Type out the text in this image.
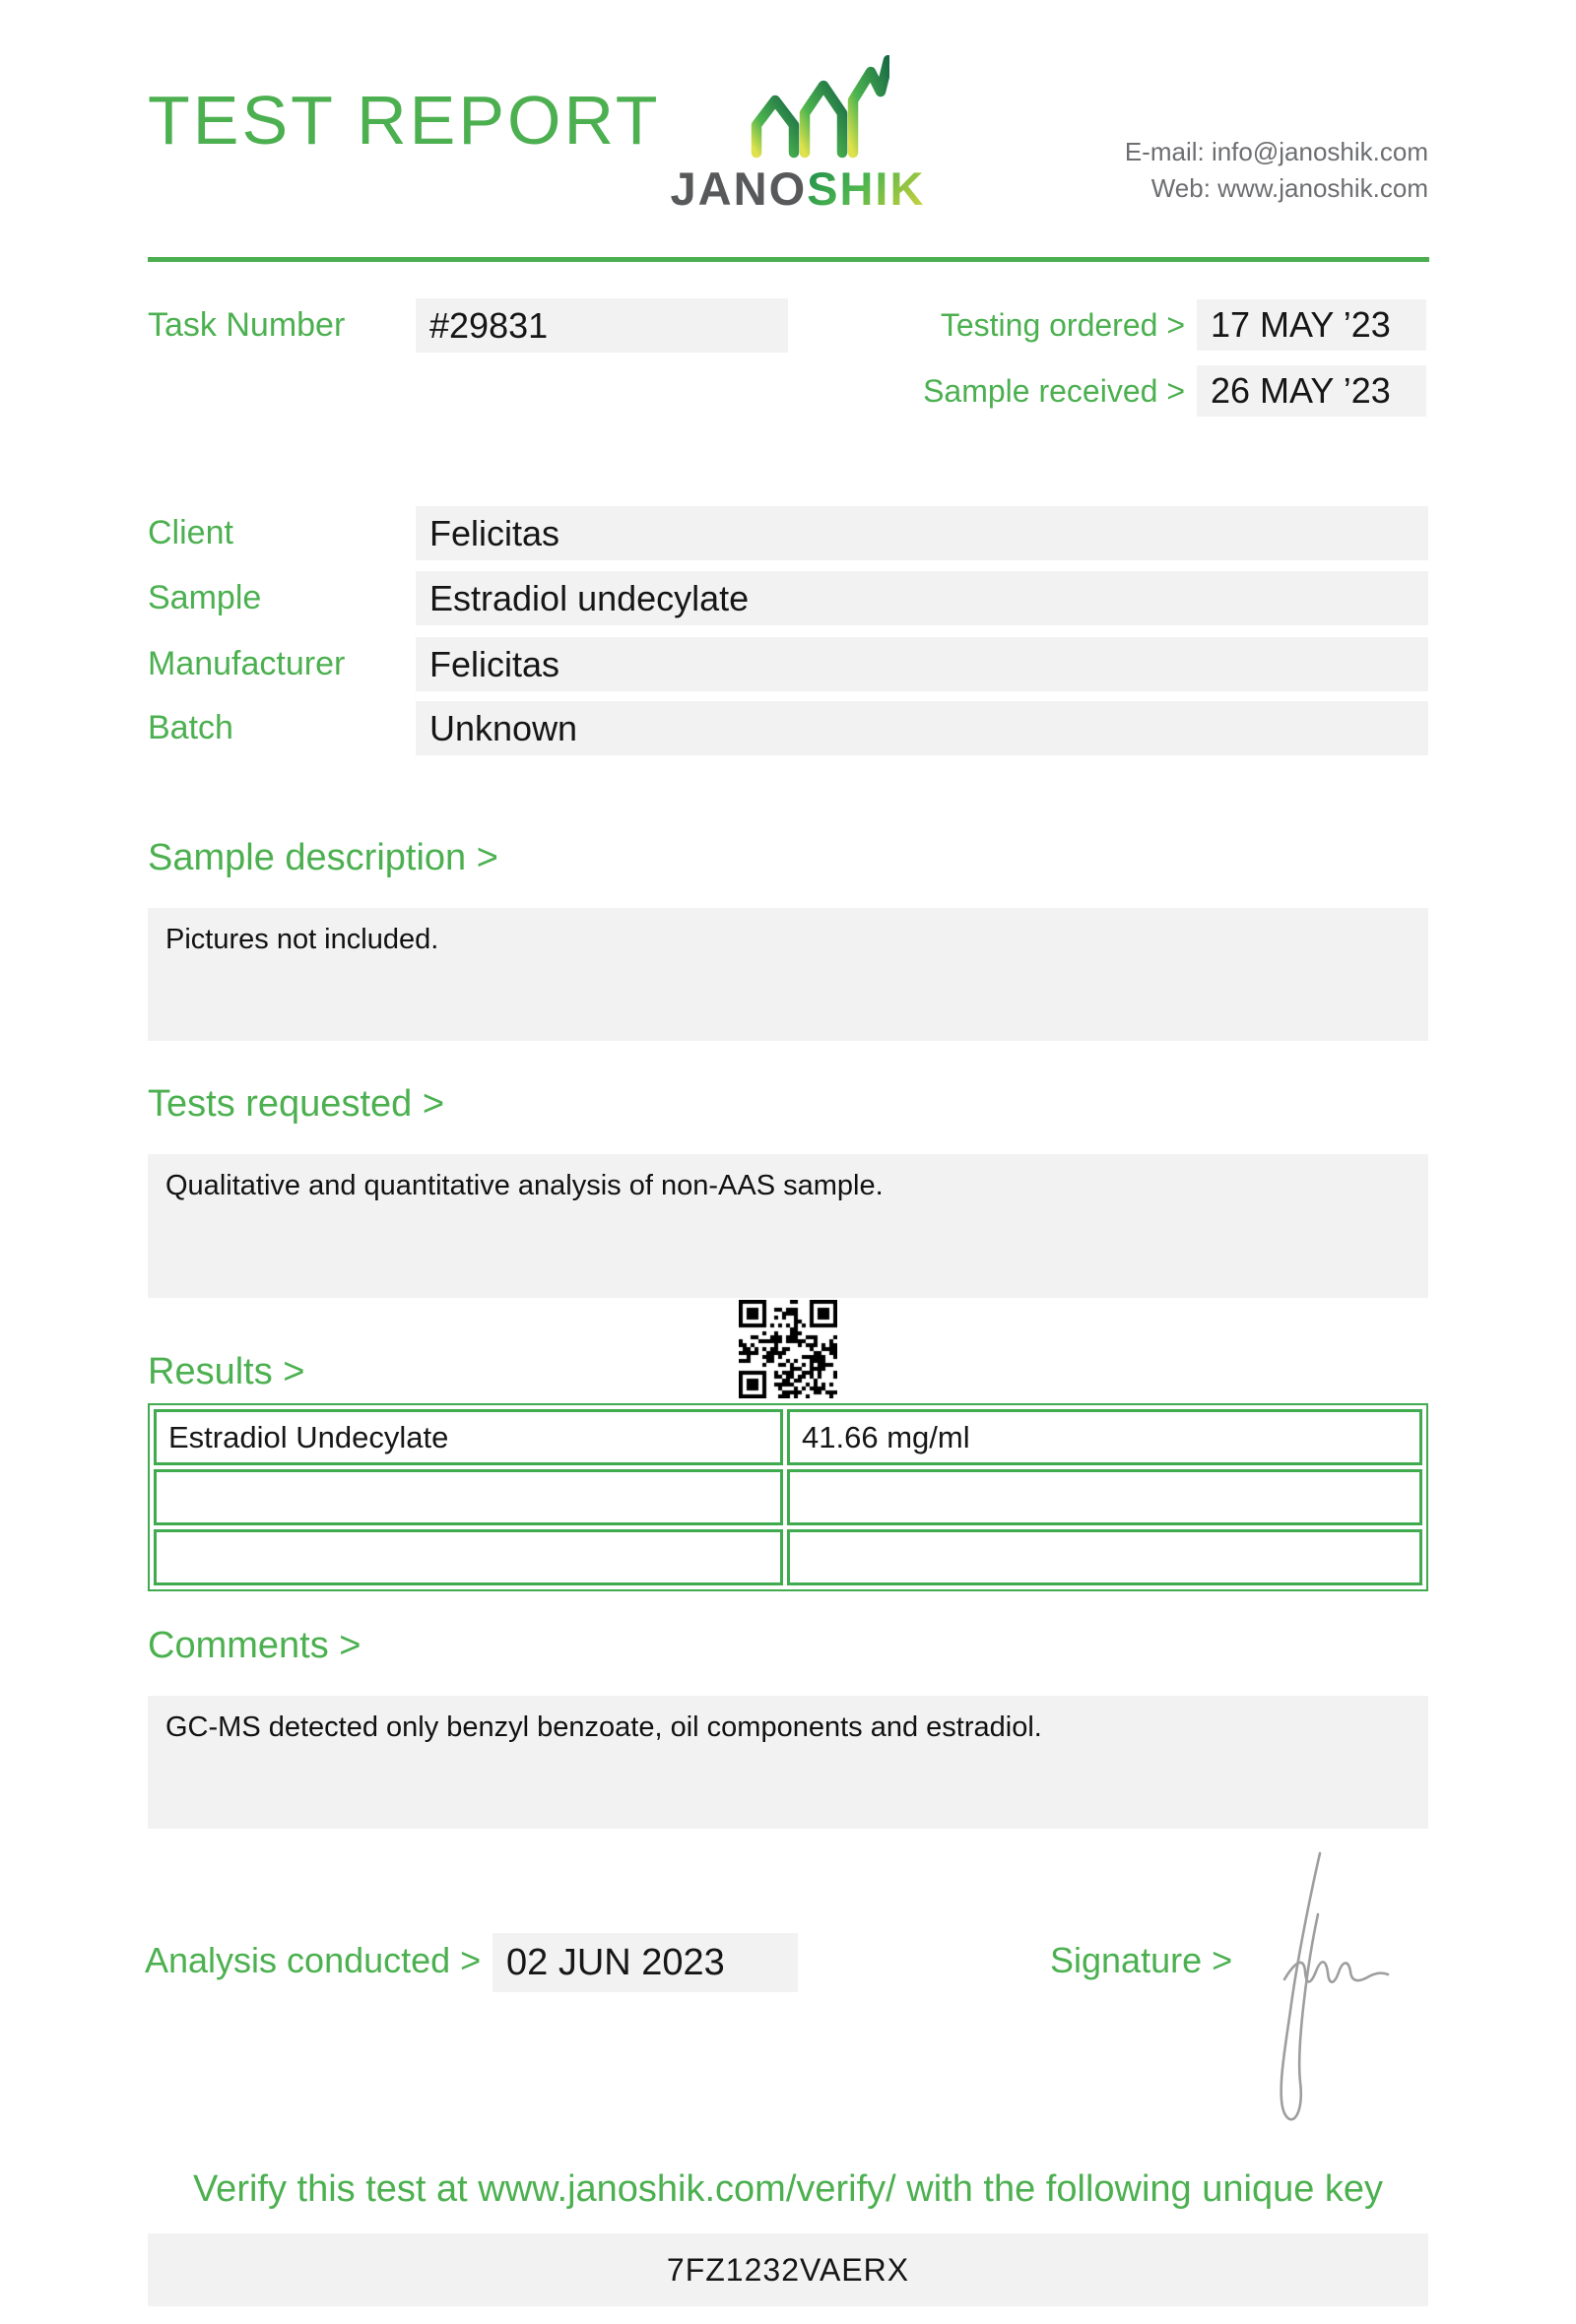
TEST REPORT
JANOSHIK
E-mail: info@janoshik.com
Web: www.janoshik.com
Task Number	#29831	Testing ordered > 17 MAY ’23
Sample received > 26 MAY ’23
Client	Felicitas
Sample	Estradiol undecylate
Manufacturer	Felicitas
Batch	Unknown
Sample description >
Pictures not included.
Tests requested >
Qualitative and quantitative analysis of non-AAS sample.
Results >
Estradiol Undecylate	41.66 mg/ml

Comments >
GC-MS detected only benzyl benzoate, oil components and estradiol.
Analysis conducted > 02 JUN 2023	Signature >
Verify this test at www.janoshik.com/verify/ with the following unique key
7FZ1232VAERX
